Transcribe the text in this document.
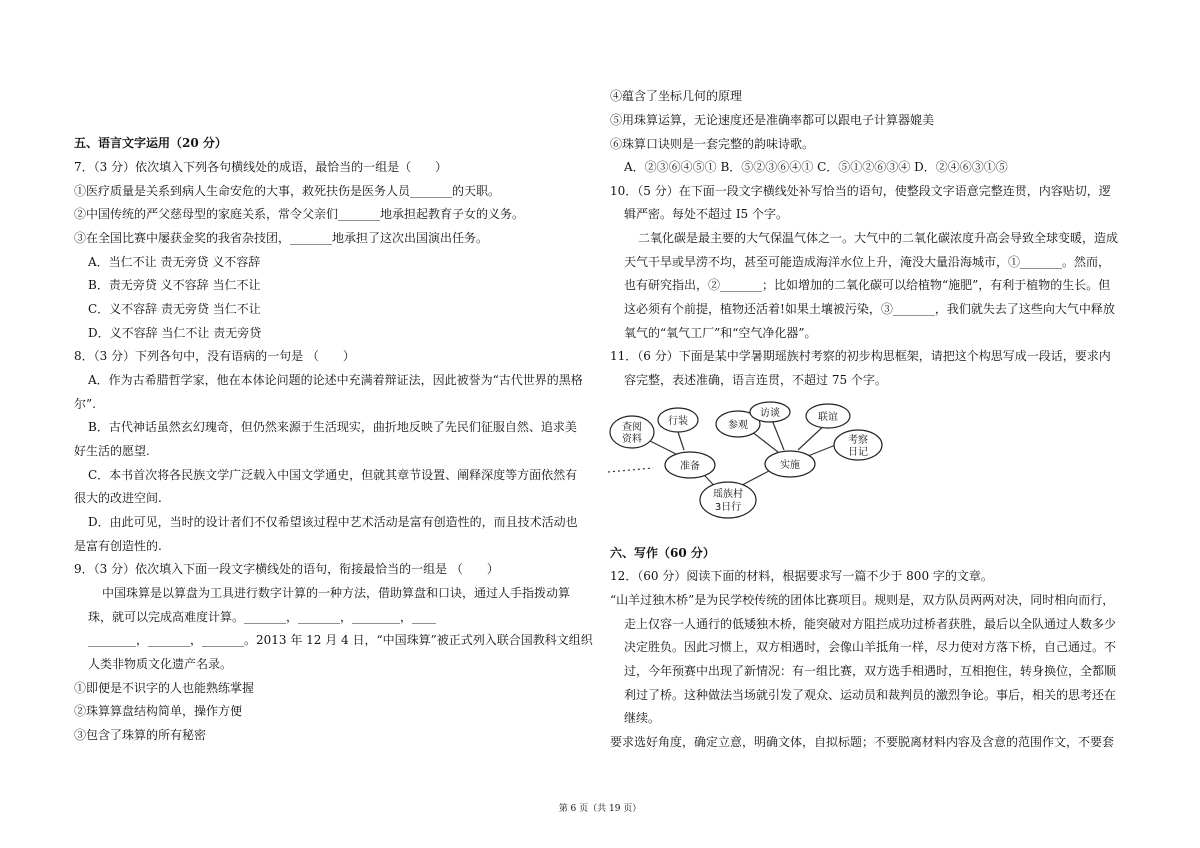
五、语言文字运用（20 分）
7．（3 分）依次填入下列各句横线处的成语，最恰当的一组是（　　）
①医疗质量是关系到病人生命安危的大事，救死扶伤是医务人员_______的天职。
②中国传统的严父慈母型的家庭关系，常令父亲们_______地承担起教育子女的义务。
③在全国比赛中屡获金奖的我省杂技团，_______地承担了这次出国演出任务。
A．当仁不让 责无旁贷 义不容辞
B．责无旁贷 义不容辞 当仁不让
C．义不容辞 责无旁贷 当仁不让
D．义不容辞 当仁不让 责无旁贷
8．（3 分）下列各句中，没有语病的一句是 （　　）
A．作为古希腊哲学家，他在本体论问题的论述中充满着辩证法，因此被誉为“古代世界的黑格
尔”.
B．古代神话虽然玄幻瑰奇，但仍然来源于生活现实，曲折地反映了先民们征服自然、追求美
好生活的愿望.
C．本书首次将各民族文学广泛载入中国文学通史，但就其章节设置、阐释深度等方面依然有
很大的改进空间.
D．由此可见，当时的设计者们不仅希望该过程中艺术活动是富有创造性的，而且技术活动也
是富有创造性的.
9．（3 分）依次填入下面一段文字横线处的语句，衔接最恰当的一组是 （　　）
中国珠算是以算盘为工具进行数字计算的一种方法，借助算盘和口诀，通过人手指拨动算
珠，就可以完成高难度计算。_______，_______，________，____
________，_______，_______。2013 年 12 月 4 日，“中国珠算”被正式列入联合国教科文组织
人类非物质文化遗产名录。
①即便是不识字的人也能熟练掌握
②珠算算盘结构简单，操作方便
③包含了珠算的所有秘密
④蕴含了坐标几何的原理
⑤用珠算运算，无论速度还是准确率都可以跟电子计算器媲美
⑥珠算口诀则是一套完整的韵味诗歌。
A．②③⑥④⑤① B．⑤②③⑥④① C．⑤①②⑥③④ D．②④⑥③①⑤
10．（5 分）在下面一段文字横线处补写恰当的语句，使整段文字语意完整连贯，内容贴切，逻
辑严密。每处不超过 I5 个字。
二氧化碳是最主要的大气保温气体之一。大气中的二氧化碳浓度升高会导致全球变暖，造成
天气干旱或旱涝不均，甚至可能造成海洋水位上升，淹没大量沿海城市，①_______。然而，
也有研究指出，②_______；比如增加的二氧化碳可以给植物“施肥”，有利于植物的生长。但
这必须有个前提，植物还活着!如果土壤被污染，③_______，我们就失去了这些向大气中释放
氧气的“氧气工厂”和“空气净化器”。
11．（6 分）下面是某中学暑期瑶族村考察的初步构思框架，请把这个构思写成一段话，要求内
容完整，表述准确，语言连贯，不超过 75 个字。
六、写作（60 分）
12．（60 分）阅读下面的材料，根据要求写一篇不少于 800 字的文章。
“山羊过独木桥”是为民学校传统的团体比赛项目。规则是，双方队员两两对决，同时相向而行，
走上仅容一人通行的低矮独木桥，能突破对方阻拦成功过桥者获胜，最后以全队通过人数多少
决定胜负。因此习惯上，双方相遇时，会像山羊抵角一样，尽力使对方落下桥，自己通过。不
过，今年预赛中出现了新情况：有一组比赛，双方选手相遇时，互相抱住，转身换位，全都顺
利过了桥。这种做法当场就引发了观众、运动员和裁判员的激烈争论。事后，相关的思考还在
继续。
要求选好角度，确定立意，明确文体，自拟标题；不要脱离材料内容及含意的范围作文，不要套
查阅
资料
行装	参观
访谈	联谊
考察
日记
准备	实施
瑶族村
3日行
第 6 页（共 19 页）
